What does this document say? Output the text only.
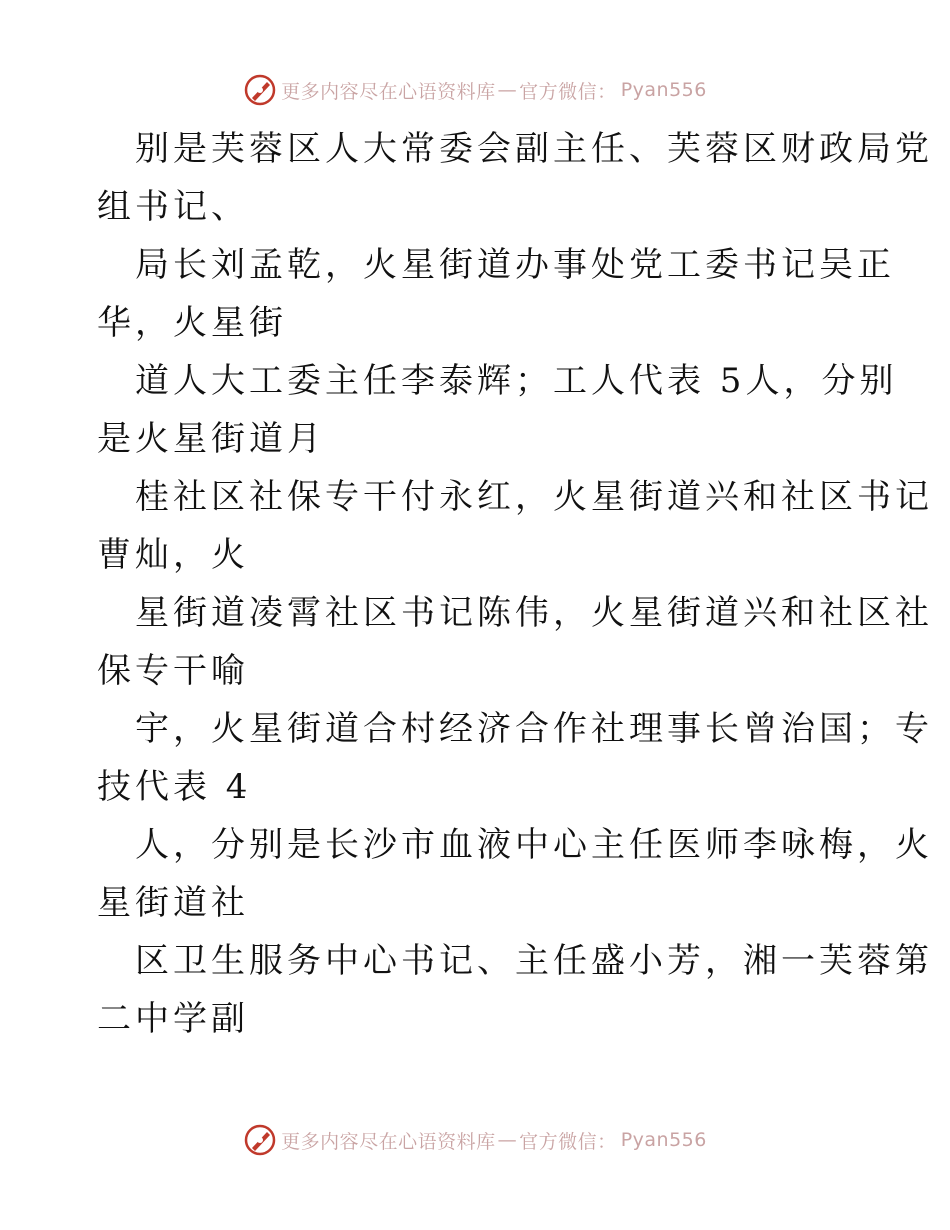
更多内容尽在心语资料库 — 官方微信： Pyan556

别是芙蓉区人大常委会副主任、芙蓉区财政局党
组书记、

局长刘孟乾，火星街道办事处党工委书记吴正
华，火星街

道人大工委主任李泰辉；工人代表 5人，分别
是火星街道月

桂社区社保专干付永红，火星街道兴和社区书记
曹灿，火

星街道凌霄社区书记陈伟，火星街道兴和社区社
保专干喻

宇，火星街道合村经济合作社理事长曾治国；专
技代表 4

人，分别是长沙市血液中心主任医师李咏梅，火
星街道社

区卫生服务中心书记、主任盛小芳，湘一芙蓉第
二中学副

更多内容尽在心语资料库 — 官方微信： Pyan556
